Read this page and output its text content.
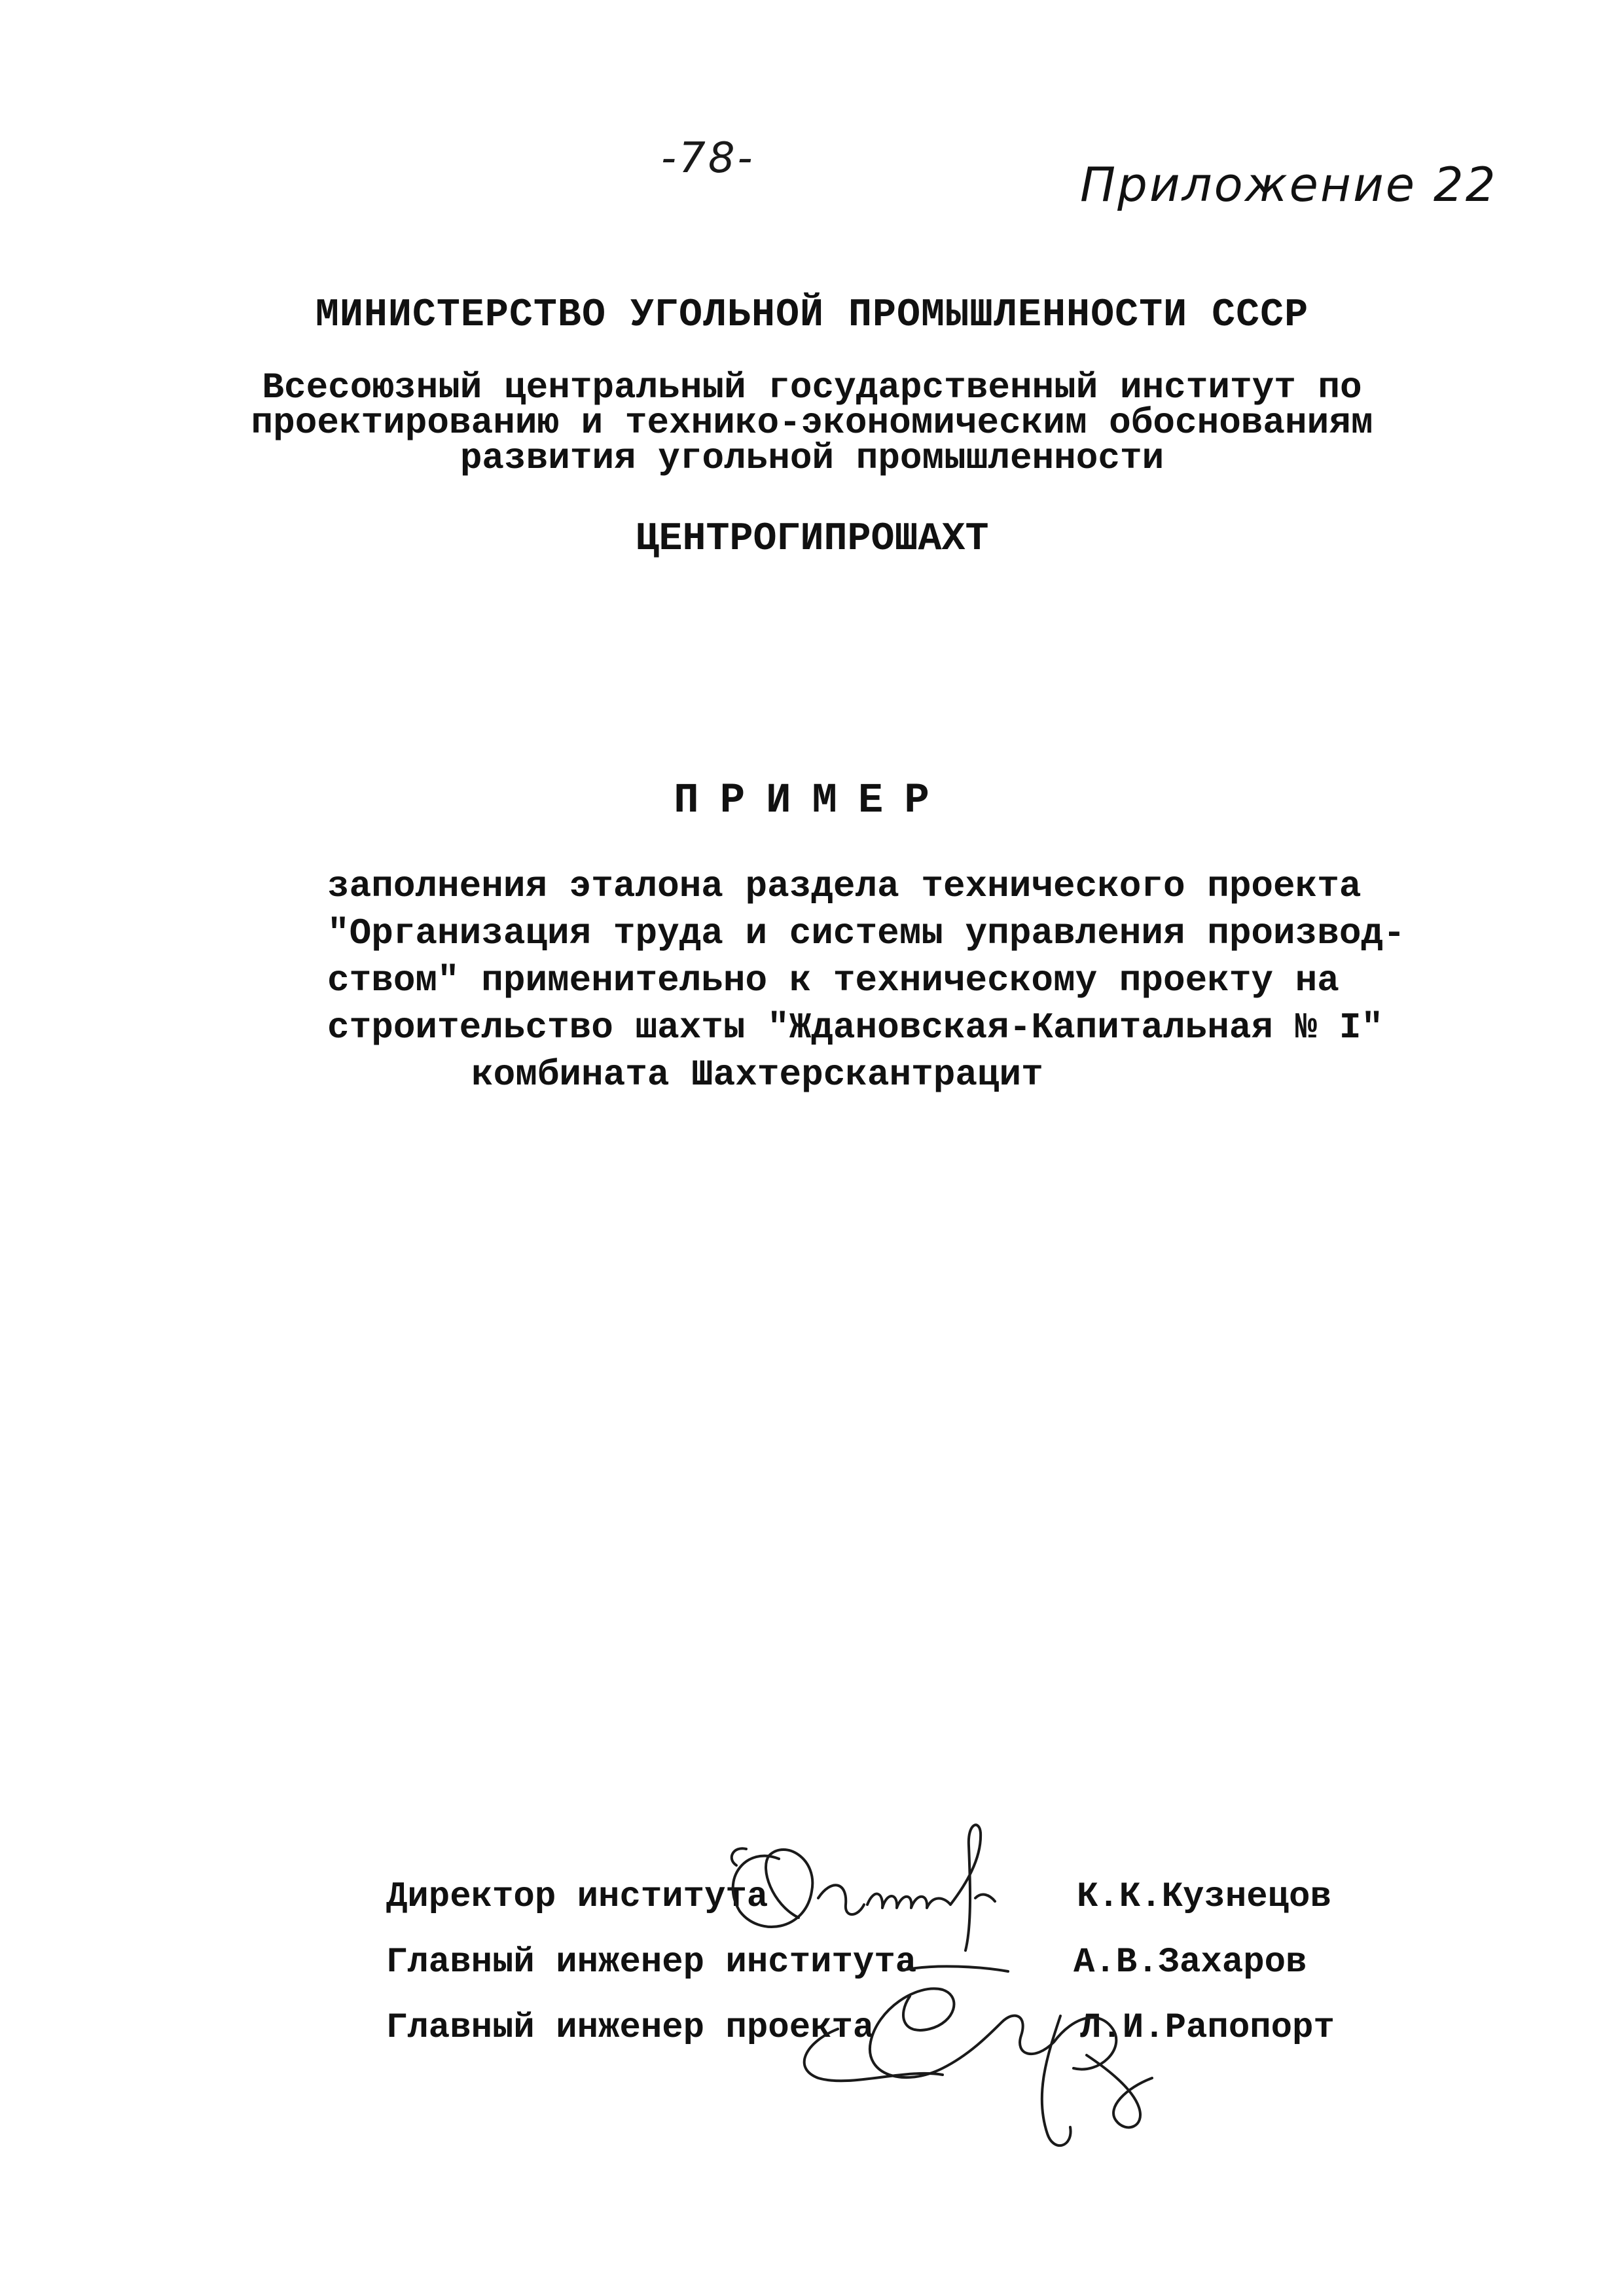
-78-	Приложение 22
МИНИСТЕРСТВО УГОЛЬНОЙ ПРОМЫШЛЕННОСТИ СССР
Всесоюзный центральный государственный институт по
проектированию и технико-экономическим обоснованиям
развития угольной промышленности
ЦЕНТРОГИПРОШАХТ
ПРИМЕР
заполнения эталона раздела технического проекта
"Организация труда и системы управления производ-
ством" применительно к техническому проекту на
строительство шахты "Ждановская-Капитальная № I"
комбината Шахтерскантрацит
Директор института	К.К.Кузнецов
Главный инженер института	А.В.Захаров
Главный инженер проекта	Л.И.Рапопорт
